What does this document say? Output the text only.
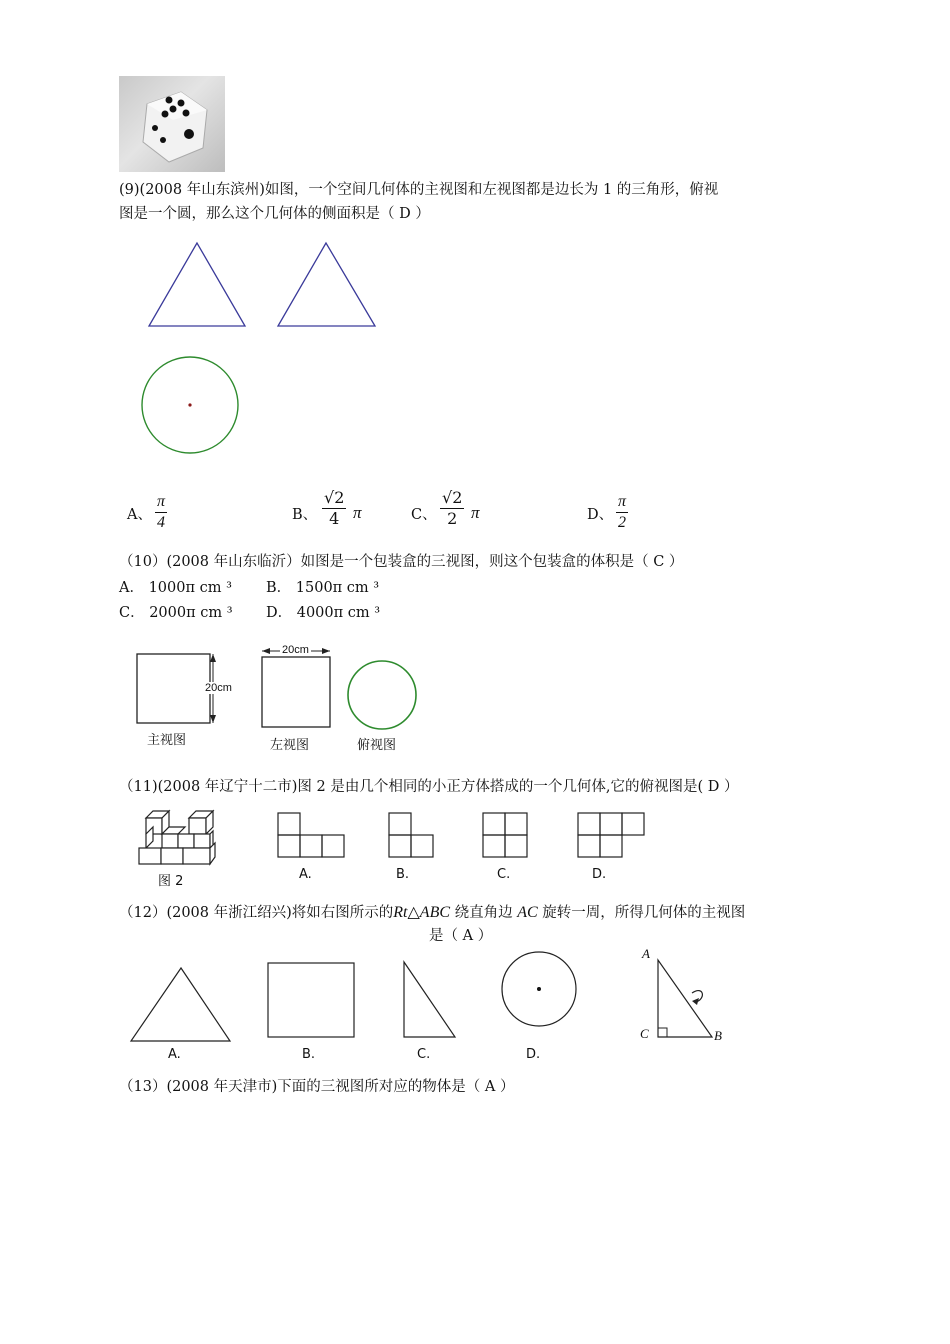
(9)(2008 年山东滨州)如图，一个空间几何体的主视图和左视图都是边长为 1 的三角形，俯视
图是一个圆，那么这个几何体的侧面积是（ D ）
A、 $\frac{\pi}{4}$	B、 $\frac{√2}{4}$ π	C、 $\frac{√2}{2}$ π	D、 $\frac{\pi}{2}$
（10）(2008 年山东临沂）如图是一个包装盒的三视图，则这个包装盒的体积是（ C ）
A． 1000π cm ³ B． 1500π cm ³
C． 2000π cm ³ D． 4000π cm ³
20cm
20cm
主视图	左视图	俯视图
（11)(2008 年辽宁十二市)图 2 是由几个相同的小正方体搭成的一个几何体,它的俯视图是( D ）
图 2	A.	B.	C.	D.
（12）(2008 年浙江绍兴)将如右图所示的Rt△ABC 绕直角边 AC 旋转一周，所得几何体的主视图
是（ A ）
A.	B.	C.	D.
A
C	B
（13）(2008 年天津市)下面的三视图所对应的物体是（ A ）
